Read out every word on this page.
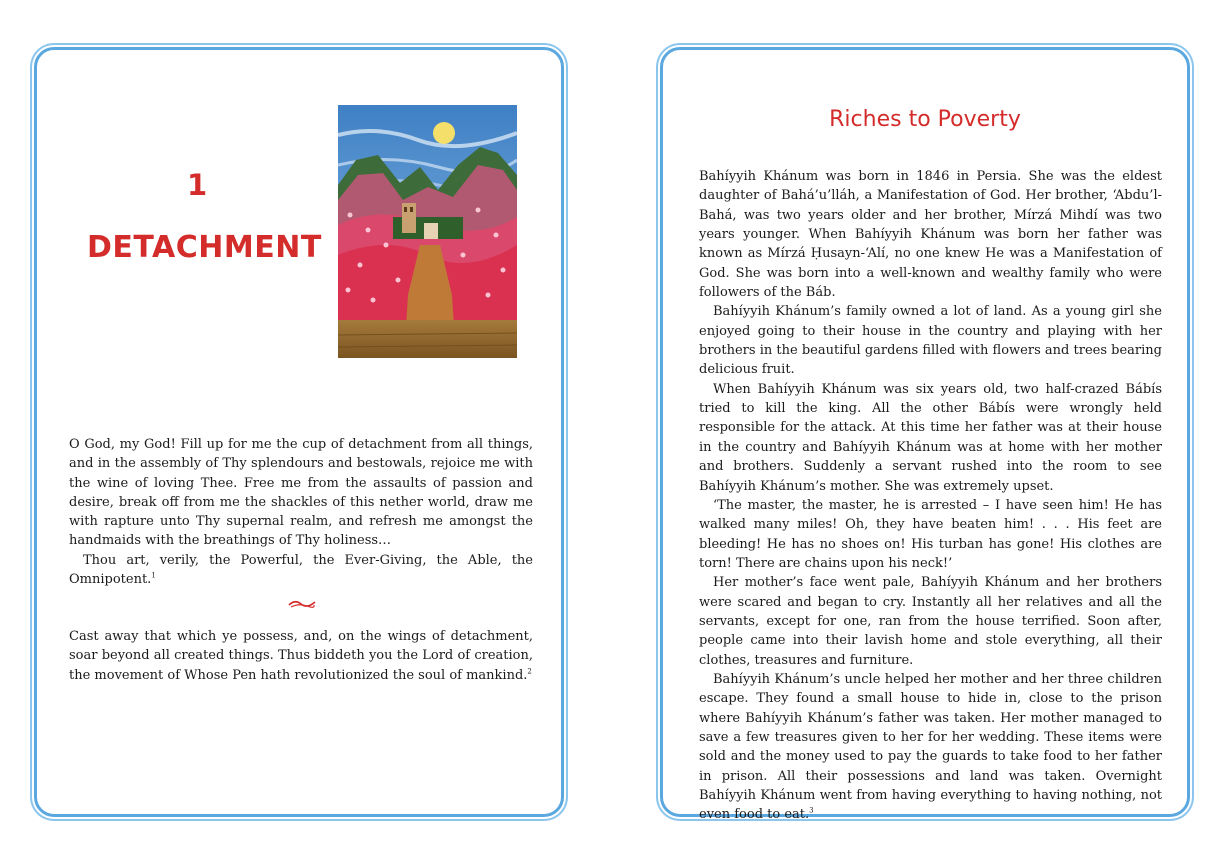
1
DETACHMENT

O God, my God! Fill up for me the cup of detachment from all things, and in the assembly of Thy splendours and bestowals, rejoice me with the wine of loving Thee. Free me from the assaults of passion and desire, break off from me the shackles of this nether world, draw me with rapture unto Thy supernal realm, and refresh me amongst the handmaids with the breathings of Thy holiness…

Thou art, verily, the Powerful, the Ever-Giving, the Able, the Omnipotent.$^1$

Cast away that which ye possess, and, on the wings of detachment, soar beyond all created things. Thus biddeth you the Lord of creation, the movement of Whose Pen hath revolutionized the soul of mankind.$^2$

Riches to Poverty

Bahíyyih Khánum was born in 1846 in Persia. She was the eldest daughter of Bahá’u’lláh, a Manifestation of God. Her brother, ‘Abdu’l-Bahá, was two years older and her brother, Mírzá Mihdí was two years younger. When Bahíyyih Khánum was born her father was known as Mírzá Ḥusayn-‘Alí, no one knew He was a Manifestation of God. She was born into a well-known and wealthy family who were followers of the Báb.

Bahíyyih Khánum’s family owned a lot of land. As a young girl she enjoyed going to their house in the country and playing with her brothers in the beautiful gardens filled with flowers and trees bearing delicious fruit.

When Bahíyyih Khánum was six years old, two half-crazed Bábís tried to kill the king. All the other Bábís were wrongly held responsible for the attack. At this time her father was at their house in the country and Bahíyyih Khánum was at home with her mother and brothers. Suddenly a servant rushed into the room to see Bahíyyih Khánum’s mother. She was extremely upset.

‘The master, the master, he is arrested – I have seen him! He has walked many miles! Oh, they have beaten him! . . . His feet are bleeding! He has no shoes on! His turban has gone! His clothes are torn! There are chains upon his neck!’

Her mother’s face went pale, Bahíyyih Khánum and her brothers were scared and began to cry. Instantly all her relatives and all the servants, except for one, ran from the house terrified. Soon after, people came into their lavish home and stole everything, all their clothes, treasures and furniture.

Bahíyyih Khánum’s uncle helped her mother and her three children escape. They found a small house to hide in, close to the prison where Bahíyyih Khánum’s father was taken. Her mother managed to save a few treasures given to her for her wedding. These items were sold and the money used to pay the guards to take food to her father in prison. All their possessions and land was taken. Overnight Bahíyyih Khánum went from having everything to having nothing, not even food to eat.$^3$
